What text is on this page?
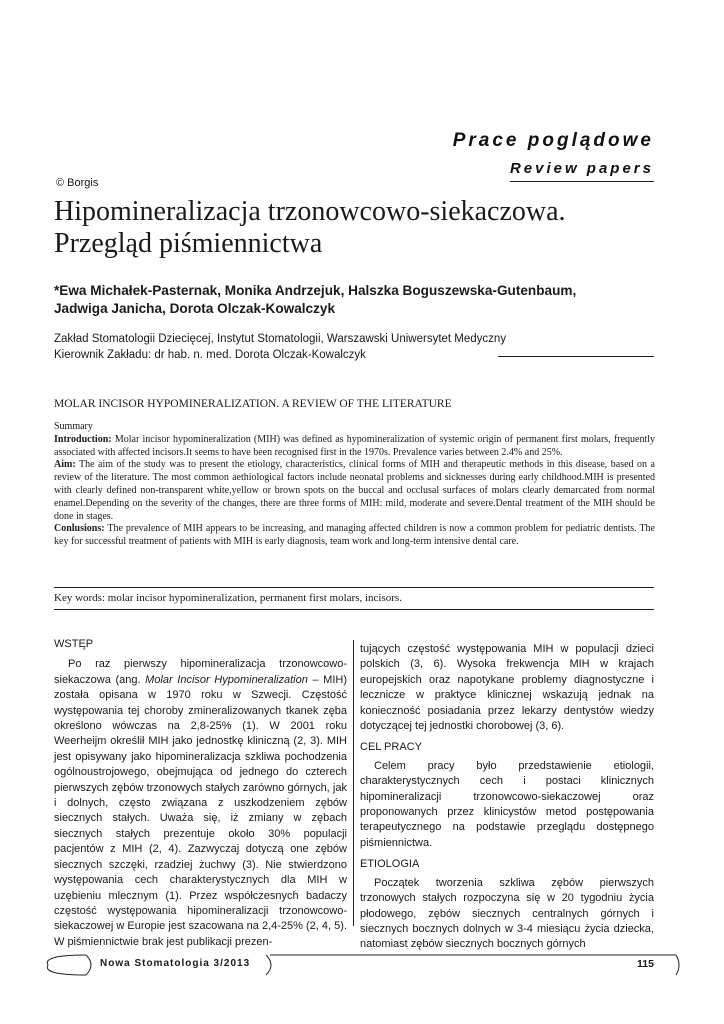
Prace poglądowe
Review papers
© Borgis
Hipomineralizacja trzonowcowo-siekaczowa.
Przegląd piśmiennictwa
*Ewa Michałek-Pasternak, Monika Andrzejuk, Halszka Boguszewska-Gutenbaum,
Jadwiga Janicha, Dorota Olczak-Kowalczyk
Zakład Stomatologii Dziecięcej, Instytut Stomatologii, Warszawski Uniwersytet Medyczny
Kierownik Zakładu: dr hab. n. med. Dorota Olczak-Kowalczyk
MOLAR INCISOR HYPOMINERALIZATION. A REVIEW OF THE LITERATURE

Summary

Introduction: Molar incisor hypomineralization (MIH) was defined as hypomineralization of systemic origin of permanent first molars, frequently associated with affected incisors.It seems to have been recognised first in the 1970s. Prevalence varies between 2.4% and 25%.

Aim: The aim of the study was to present the etiology, characteristics, clinical forms of MIH and therapeutic methods in this disease, based on a review of the literature. The most common aethiological factors include neonatal problems and sicknesses during early childhood.MIH is presented with clearly defined non-transparent white,yellow or brown spots on the buccal and occlusal surfaces of molars clearly demarcated from normal enamel.Depending on the severity of the changes, there are three forms of MIH: mild, moderate and severe.Dental treatment of the MIH should be done in stages.

Conlusions: The prevalence of MIH appears to be increasing, and managing affected children is now a common problem for pediatric dentists. The key for successful treatment of patients with MIH is early diagnosis, team work and long-term intensive dental care.

Key words: molar incisor hypomineralization, permanent first molars, incisors.

WSTĘP

Po raz pierwszy hipomineralizacja trzonowcowo-siekaczowa (ang. Molar Incisor Hypomineralization – MIH) została opisana w 1970 roku w Szwecji. Częstość występowania tej choroby zmineralizowanych tkanek zęba określono wówczas na 2,8-25% (1). W 2001 roku Weerheijm określił MIH jako jednostkę kliniczną (2, 3). MIH jest opisywany jako hipomineralizacja szkliwa pochodzenia ogólnoustrojowego, obejmująca od jednego do czterech pierwszych zębów trzonowych stałych zarówno górnych, jak i dolnych, często związana z uszkodzeniem zębów siecznych stałych. Uważa się, iż zmiany w zębach siecznych stałych prezentuje około 30% populacji pacjentów z MIH (2, 4). Zazwyczaj dotyczą one zębów siecznych szczęki, rzadziej żuchwy (3). Nie stwierdzono występowania cech charakterystycznych dla MIH w uzębieniu mlecznym (1). Przez współczesnych badaczy częstość występowania hipomineralizacji trzonowcowo-siekaczowej w Europie jest szacowana na 2,4-25% (2, 4, 5). W piśmiennictwie brak jest publikacji prezen-

tujących częstość występowania MIH w populacji dzieci polskich (3, 6). Wysoka frekwencja MIH w krajach europejskich oraz napotykane problemy diagnostyczne i lecznicze w praktyce klinicznej wskazują jednak na konieczność posiadania przez lekarzy dentystów wiedzy dotyczącej tej jednostki chorobowej (3, 6).

CEL PRACY

Celem pracy było przedstawienie etiologii, charakterystycznych cech i postaci klinicznych hipomineralizacji trzonowcowo-siekaczowej oraz proponowanych przez klinicystów metod postępowania terapeutycznego na podstawie przeglądu dostępnego piśmiennictwa.

ETIOLOGIA

Początek tworzenia szkliwa zębów pierwszych trzonowych stałych rozpoczyna się w 20 tygodniu życia płodowego, zębów siecznych centralnych górnych i siecznych bocznych dolnych w 3-4 miesiącu życia dziecka, natomiast zębów siecznych bocznych górnych

Nowa Stomatologia 3/2013	115
